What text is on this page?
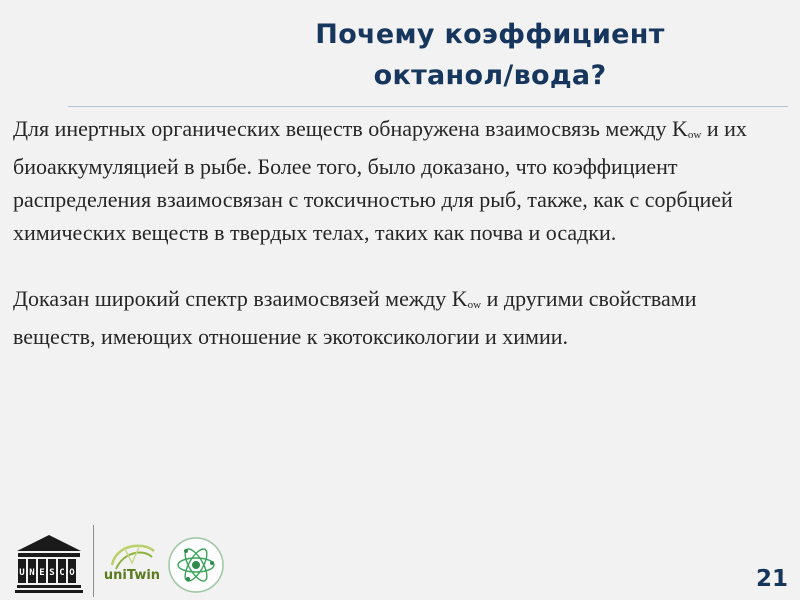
Почему коэффициент
октанол/вода?

Для инертных органических веществ обнаружена взаимосвязь между Kow и их биоаккумуляцией в рыбе. Более того, было доказано, что коэффициент распределения взаимосвязан с токсичностью для рыб, также, как с сорбцией химических веществ в твердых телах, таких как почва и осадки.

Доказан широкий спектр взаимосвязей между Kow и другими свойствами веществ, имеющих отношение к экотоксикологии и химии.

U N E S C O uniTwin	21
